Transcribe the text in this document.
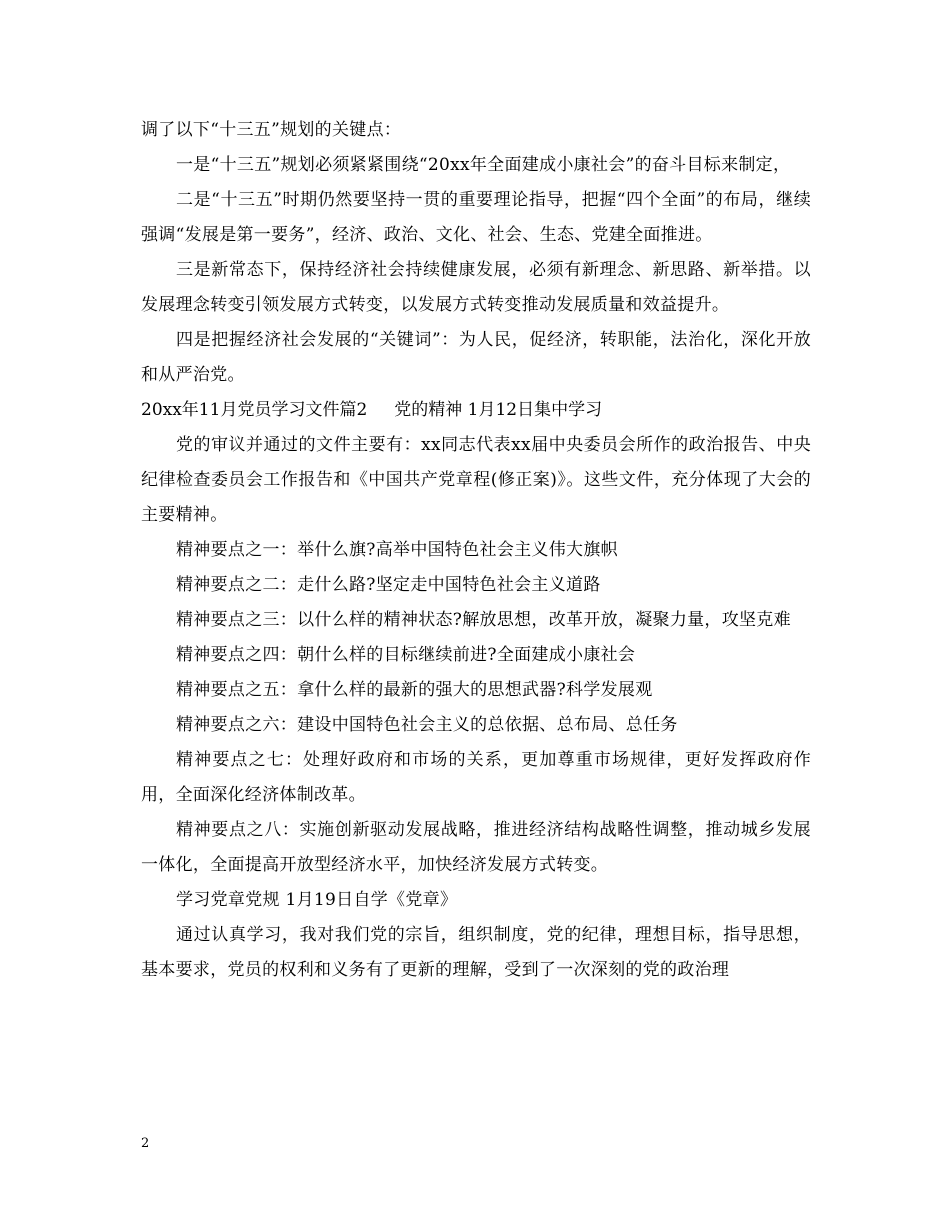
调了以下“十三五”规划的关键点：

一是“十三五”规划必须紧紧围绕“20xx年全面建成小康社会”的奋斗目标来制定，

二是“十三五”时期仍然要坚持一贯的重要理论指导，把握“四个全面”的布局，继续强调“发展是第一要务”，经济、政治、文化、社会、生态、党建全面推进。

三是新常态下，保持经济社会持续健康发展，必须有新理念、新思路、新举措。以发展理念转变引领发展方式转变，以发展方式转变推动发展质量和效益提升。

四是把握经济社会发展的“关键词”：为人民，促经济，转职能，法治化，深化开放和从严治党。

20xx年11月党员学习文件篇2     党的精神 1月12日集中学习

党的审议并通过的文件主要有：xx同志代表xx届中央委员会所作的政治报告、中央纪律检查委员会工作报告和《中国共产党章程(修正案)》。这些文件，充分体现了大会的主要精神。

精神要点之一：举什么旗?高举中国特色社会主义伟大旗帜

精神要点之二：走什么路?坚定走中国特色社会主义道路

精神要点之三：以什么样的精神状态?解放思想，改革开放，凝聚力量，攻坚克难

精神要点之四：朝什么样的目标继续前进?全面建成小康社会

精神要点之五：拿什么样的最新的强大的思想武器?科学发展观

精神要点之六：建设中国特色社会主义的总依据、总布局、总任务

精神要点之七：处理好政府和市场的关系，更加尊重市场规律，更好发挥政府作用，全面深化经济体制改革。

精神要点之八：实施创新驱动发展战略，推进经济结构战略性调整，推动城乡发展一体化，全面提高开放型经济水平，加快经济发展方式转变。

学习党章党规 1月19日自学《党章》

通过认真学习，我对我们党的宗旨，组织制度，党的纪律，理想目标，指导思想，基本要求，党员的权利和义务有了更新的理解，受到了一次深刻的党的政治理

2
